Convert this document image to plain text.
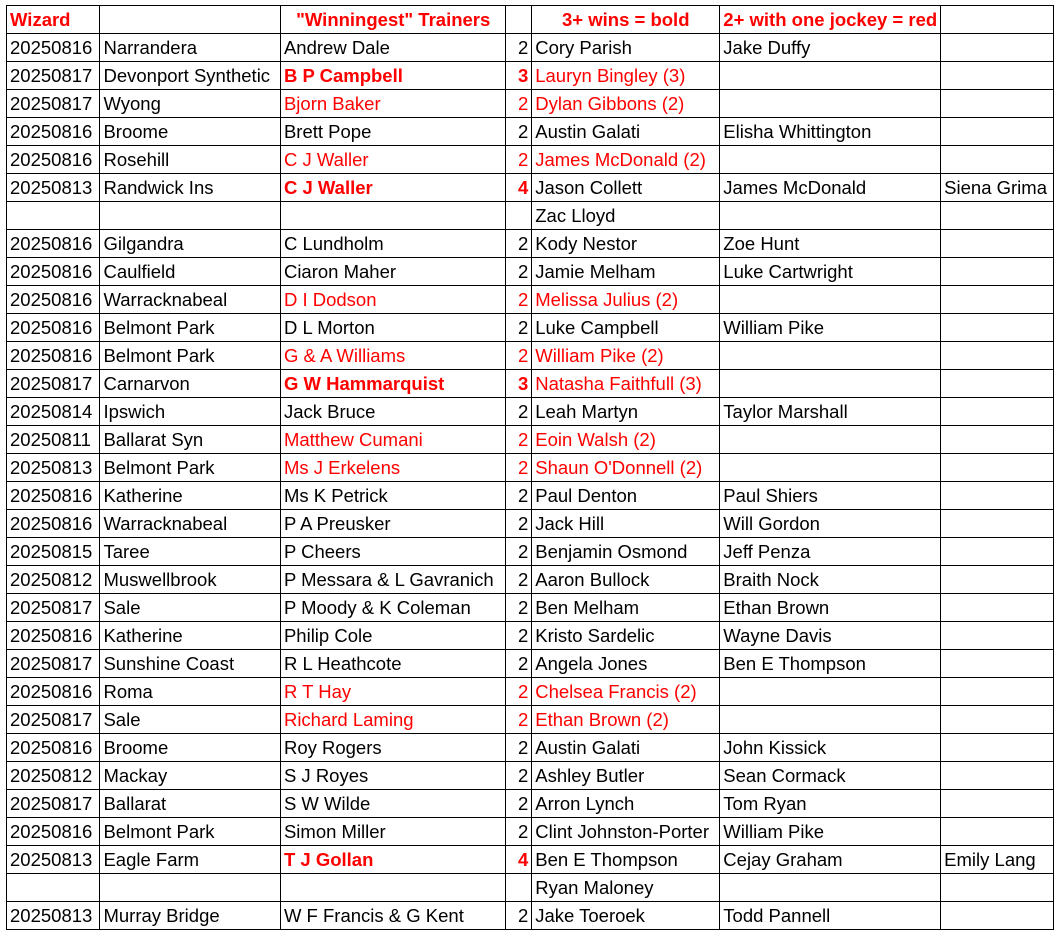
Wizard		"Winningest" Trainers		3+ wins = bold	2+ with one jockey = red	
20250816	Narrandera	Andrew Dale	2	Cory Parish	Jake Duffy	
20250817	Devonport Synthetic	B P Campbell	3	Lauryn Bingley (3)		
20250817	Wyong	Bjorn Baker	2	Dylan Gibbons (2)		
20250816	Broome	Brett Pope	2	Austin Galati	Elisha Whittington	
20250816	Rosehill	C J Waller	2	James McDonald (2)		
20250813	Randwick Ins	C J Waller	4	Jason Collett	James McDonald	Siena Grima
				Zac Lloyd		
20250816	Gilgandra	C Lundholm	2	Kody Nestor	Zoe Hunt	
20250816	Caulfield	Ciaron Maher	2	Jamie Melham	Luke Cartwright	
20250816	Warracknabeal	D I Dodson	2	Melissa Julius (2)		
20250816	Belmont Park	D L Morton	2	Luke Campbell	William Pike	
20250816	Belmont Park	G & A Williams	2	William Pike (2)		
20250817	Carnarvon	G W Hammarquist	3	Natasha Faithfull (3)		
20250814	Ipswich	Jack Bruce	2	Leah Martyn	Taylor Marshall	
20250811	Ballarat Syn	Matthew Cumani	2	Eoin Walsh (2)		
20250813	Belmont Park	Ms J Erkelens	2	Shaun O'Donnell (2)		
20250816	Katherine	Ms K Petrick	2	Paul Denton	Paul Shiers	
20250816	Warracknabeal	P A Preusker	2	Jack Hill	Will Gordon	
20250815	Taree	P Cheers	2	Benjamin Osmond	Jeff Penza	
20250812	Muswellbrook	P Messara & L Gavranich	2	Aaron Bullock	Braith Nock	
20250817	Sale	P Moody & K Coleman	2	Ben Melham	Ethan Brown	
20250816	Katherine	Philip Cole	2	Kristo Sardelic	Wayne Davis	
20250817	Sunshine Coast	R L Heathcote	2	Angela Jones	Ben E Thompson	
20250816	Roma	R T Hay	2	Chelsea Francis (2)		
20250817	Sale	Richard Laming	2	Ethan Brown (2)		
20250816	Broome	Roy Rogers	2	Austin Galati	John Kissick	
20250812	Mackay	S J Royes	2	Ashley Butler	Sean Cormack	
20250817	Ballarat	S W Wilde	2	Arron Lynch	Tom Ryan	
20250816	Belmont Park	Simon Miller	2	Clint Johnston-Porter	William Pike	
20250813	Eagle Farm	T J Gollan	4	Ben E Thompson	Cejay Graham	Emily Lang
				Ryan Maloney		
20250813	Murray Bridge	W F Francis & G Kent	2	Jake Toeroek	Todd Pannell	
